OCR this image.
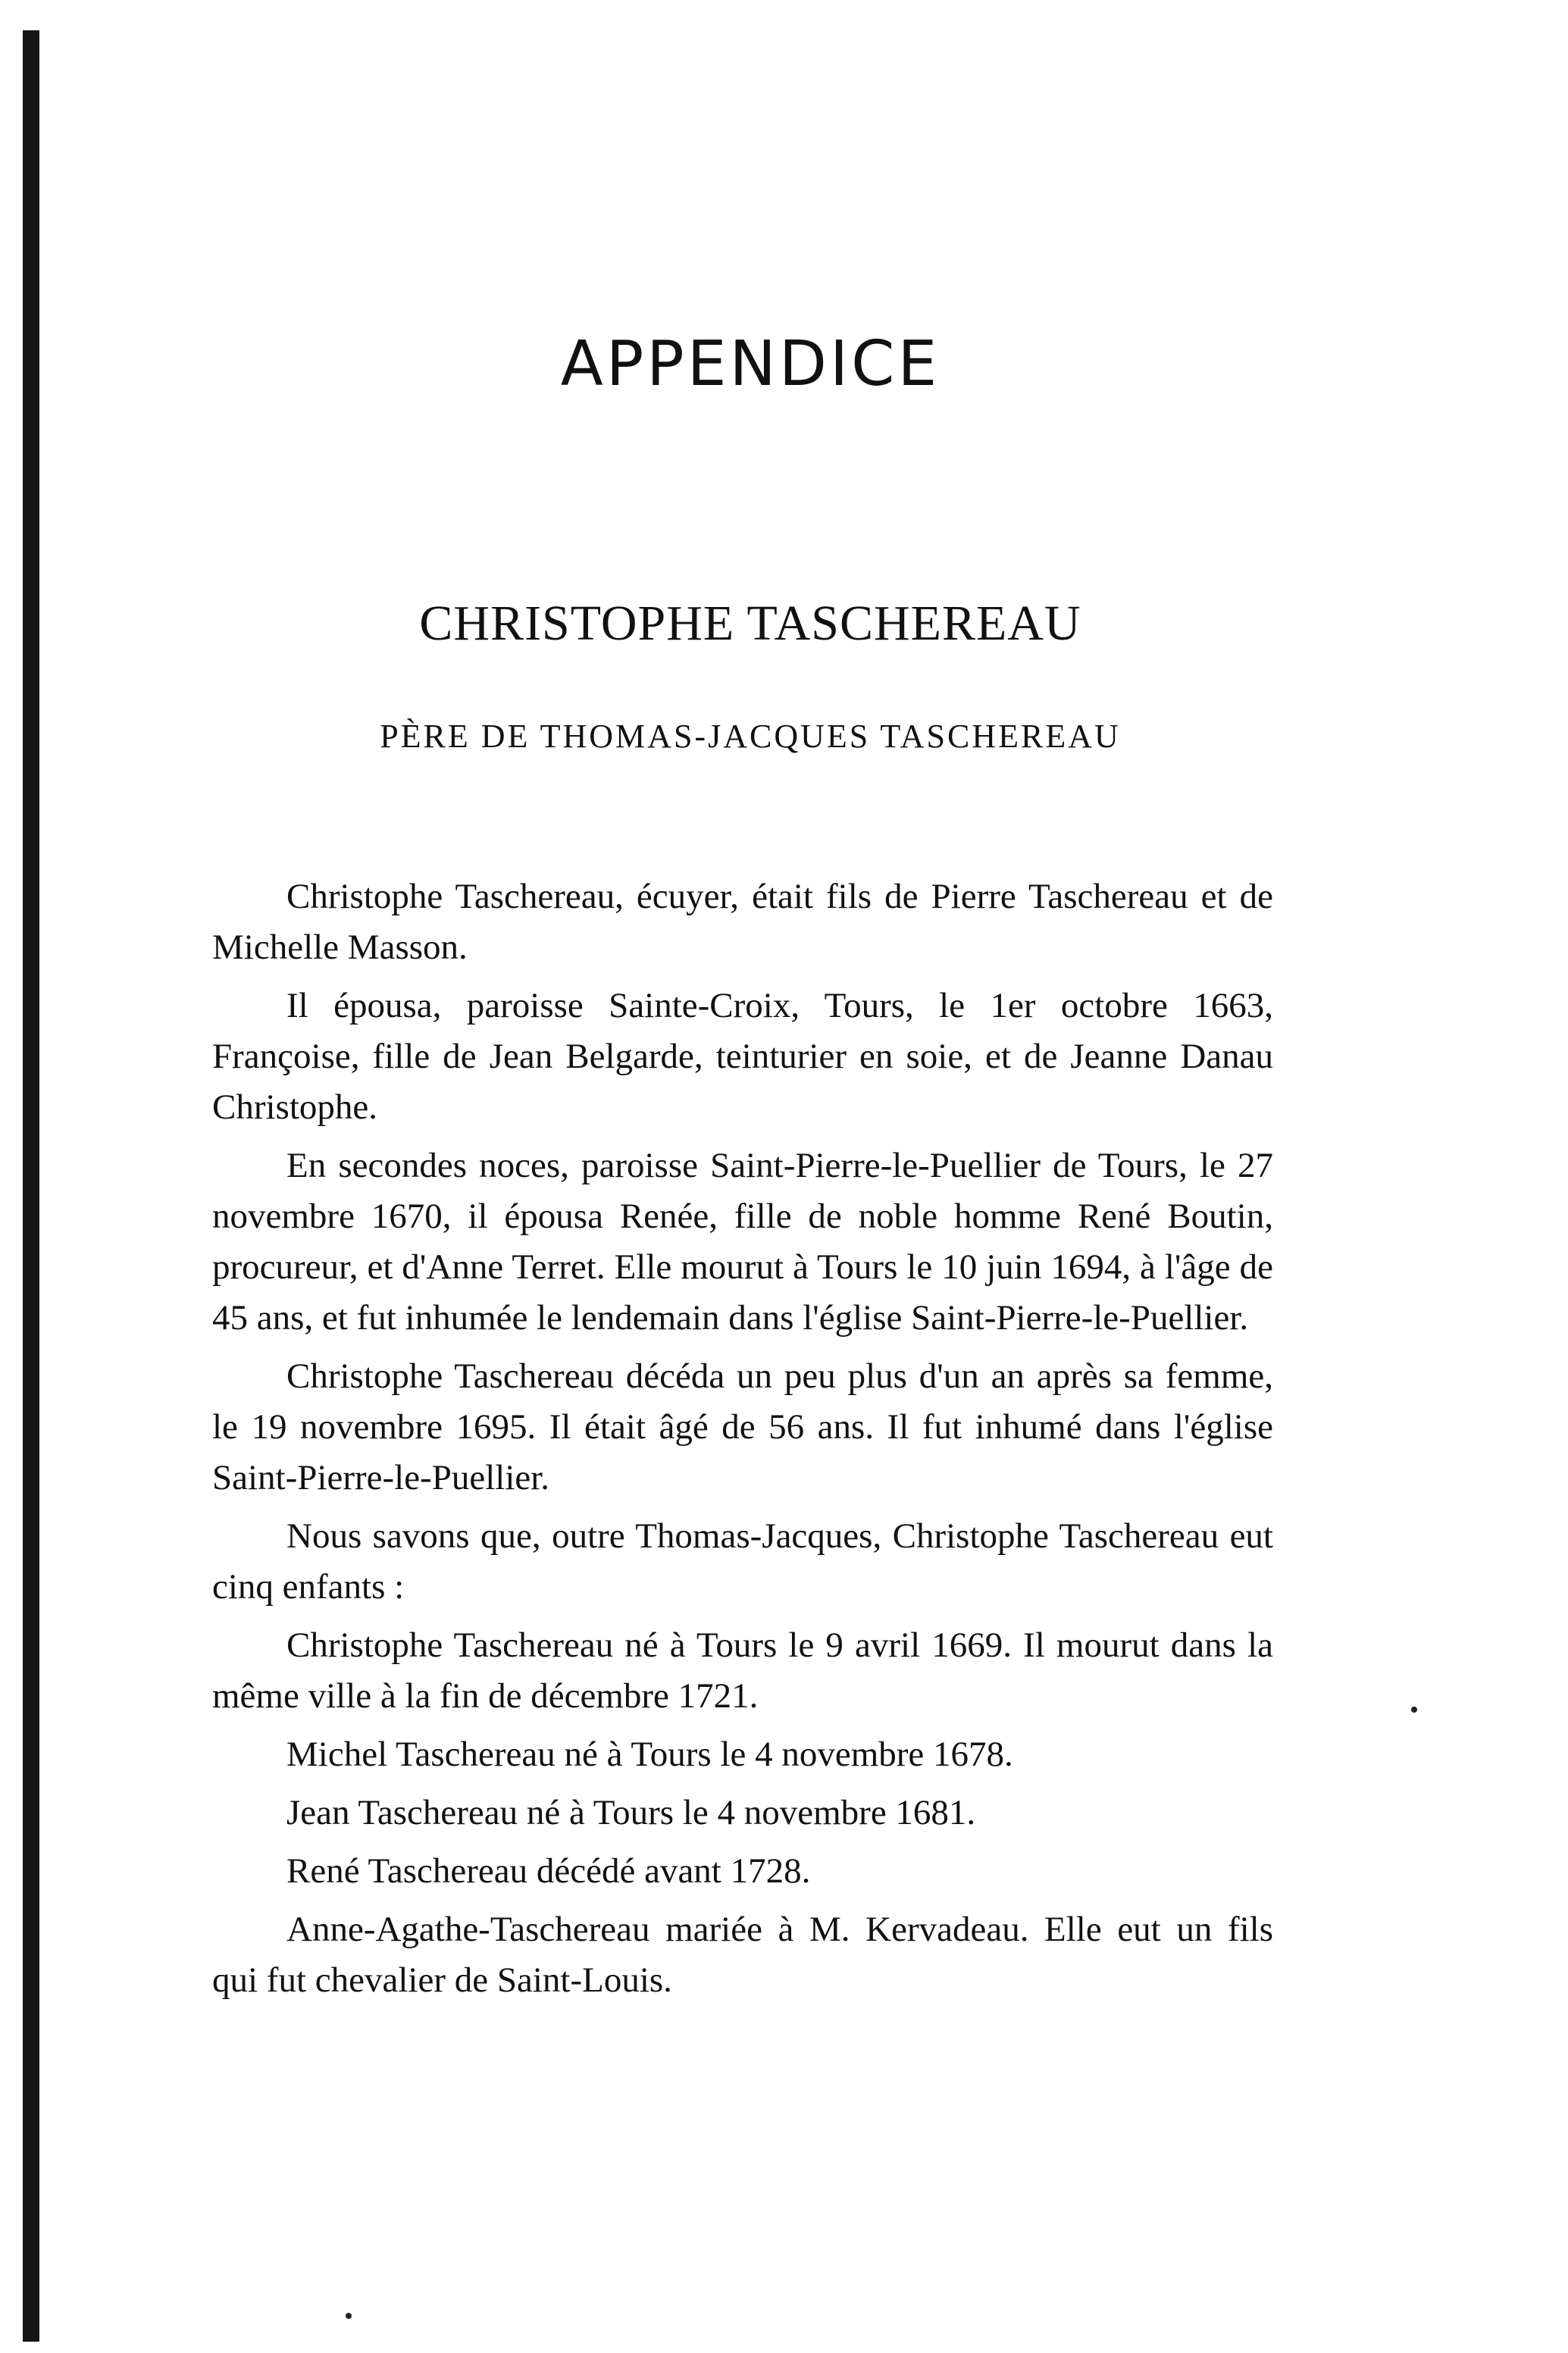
APPENDICE
CHRISTOPHE TASCHEREAU
PÈRE DE THOMAS-JACQUES TASCHEREAU

Christophe Taschereau, écuyer, était fils de Pierre Taschereau et de Michelle Masson.

Il épousa, paroisse Sainte-Croix, Tours, le 1er octobre 1663, Françoise, fille de Jean Belgarde, teinturier en soie, et de Jeanne Danau Christophe.

En secondes noces, paroisse Saint-Pierre-le-Puellier de Tours, le 27 novembre 1670, il épousa Renée, fille de noble homme René Boutin, procureur, et d'Anne Terret. Elle mourut à Tours le 10 juin 1694, à l'âge de 45 ans, et fut inhumée le lendemain dans l'église Saint-Pierre-le-Puellier.

Christophe Taschereau décéda un peu plus d'un an après sa femme, le 19 novembre 1695. Il était âgé de 56 ans. Il fut inhumé dans l'église Saint-Pierre-le-Puellier.

Nous savons que, outre Thomas-Jacques, Christophe Taschereau eut cinq enfants :

Christophe Taschereau né à Tours le 9 avril 1669. Il mourut dans la même ville à la fin de décembre 1721.

Michel Taschereau né à Tours le 4 novembre 1678.

Jean Taschereau né à Tours le 4 novembre 1681.

René Taschereau décédé avant 1728.

Anne-Agathe-Taschereau mariée à M. Kervadeau. Elle eut un fils qui fut chevalier de Saint-Louis.
